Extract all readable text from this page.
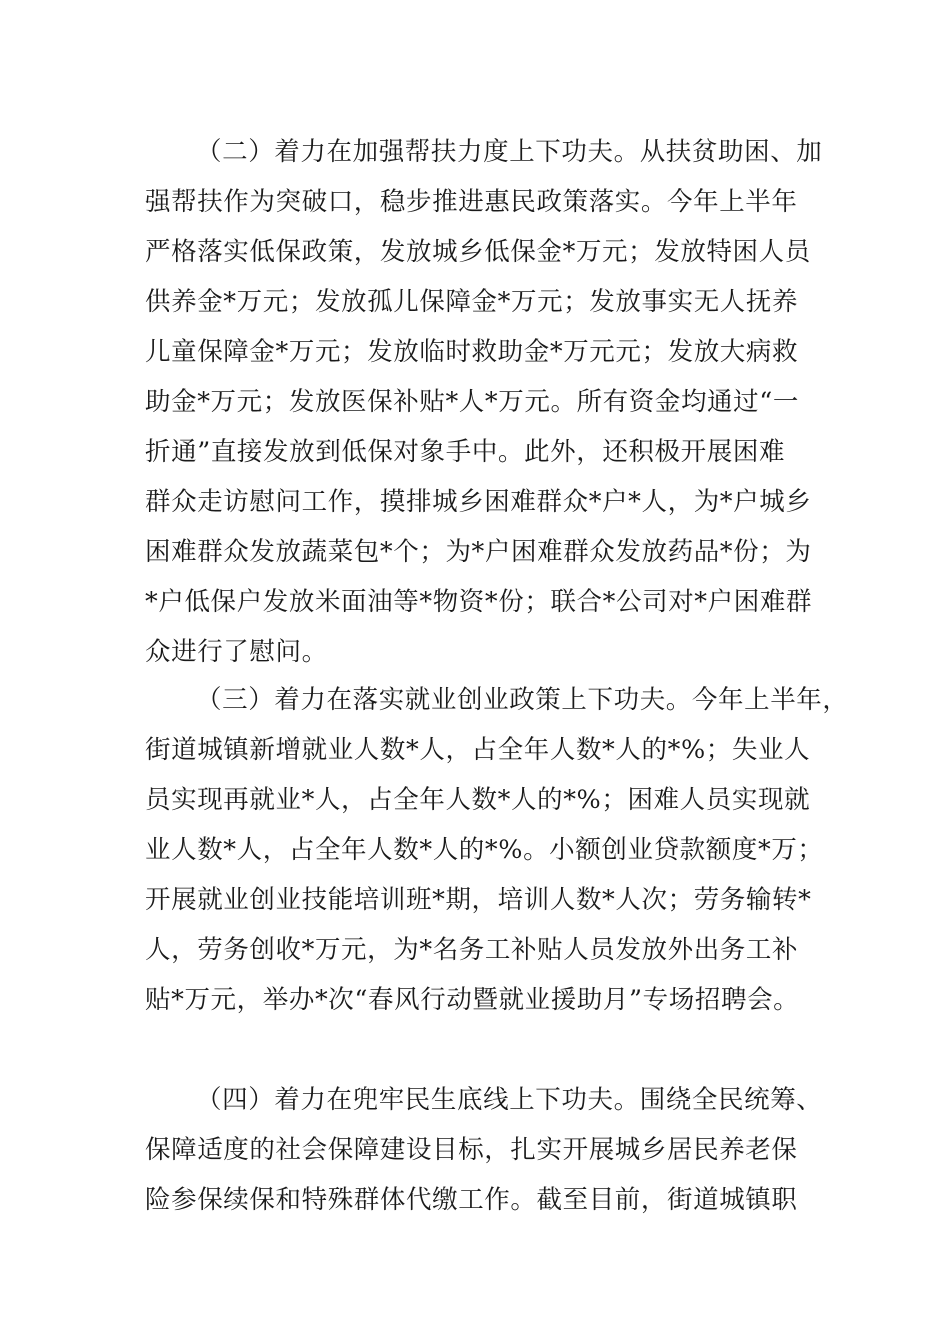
（二）着力在加强帮扶力度上下功夫。从扶贫助困、加
强帮扶作为突破口，稳步推进惠民政策落实。今年上半年
严格落实低保政策，发放城乡低保金*万元；发放特困人员
供养金*万元；发放孤儿保障金*万元；发放事实无人抚养
儿童保障金*万元；发放临时救助金*万元元；发放大病救
助金*万元；发放医保补贴*人*万元。所有资金均通过“一
折通”直接发放到低保对象手中。此外，还积极开展困难
群众走访慰问工作，摸排城乡困难群众*户*人，为*户城乡
困难群众发放蔬菜包*个；为*户困难群众发放药品*份；为
*户低保户发放米面油等*物资*份；联合*公司对*户困难群
众进行了慰问。
（三）着力在落实就业创业政策上下功夫。今年上半年，
街道城镇新增就业人数*人，占全年人数*人的*%；失业人
员实现再就业*人，占全年人数*人的*%；困难人员实现就
业人数*人，占全年人数*人的*%。小额创业贷款额度*万；
开展就业创业技能培训班*期，培训人数*人次；劳务输转*
人，劳务创收*万元，为*名务工补贴人员发放外出务工补
贴*万元，举办*次“春风行动暨就业援助月”专场招聘会。
（四）着力在兜牢民生底线上下功夫。围绕全民统筹、
保障适度的社会保障建设目标，扎实开展城乡居民养老保
险参保续保和特殊群体代缴工作。截至目前，街道城镇职
